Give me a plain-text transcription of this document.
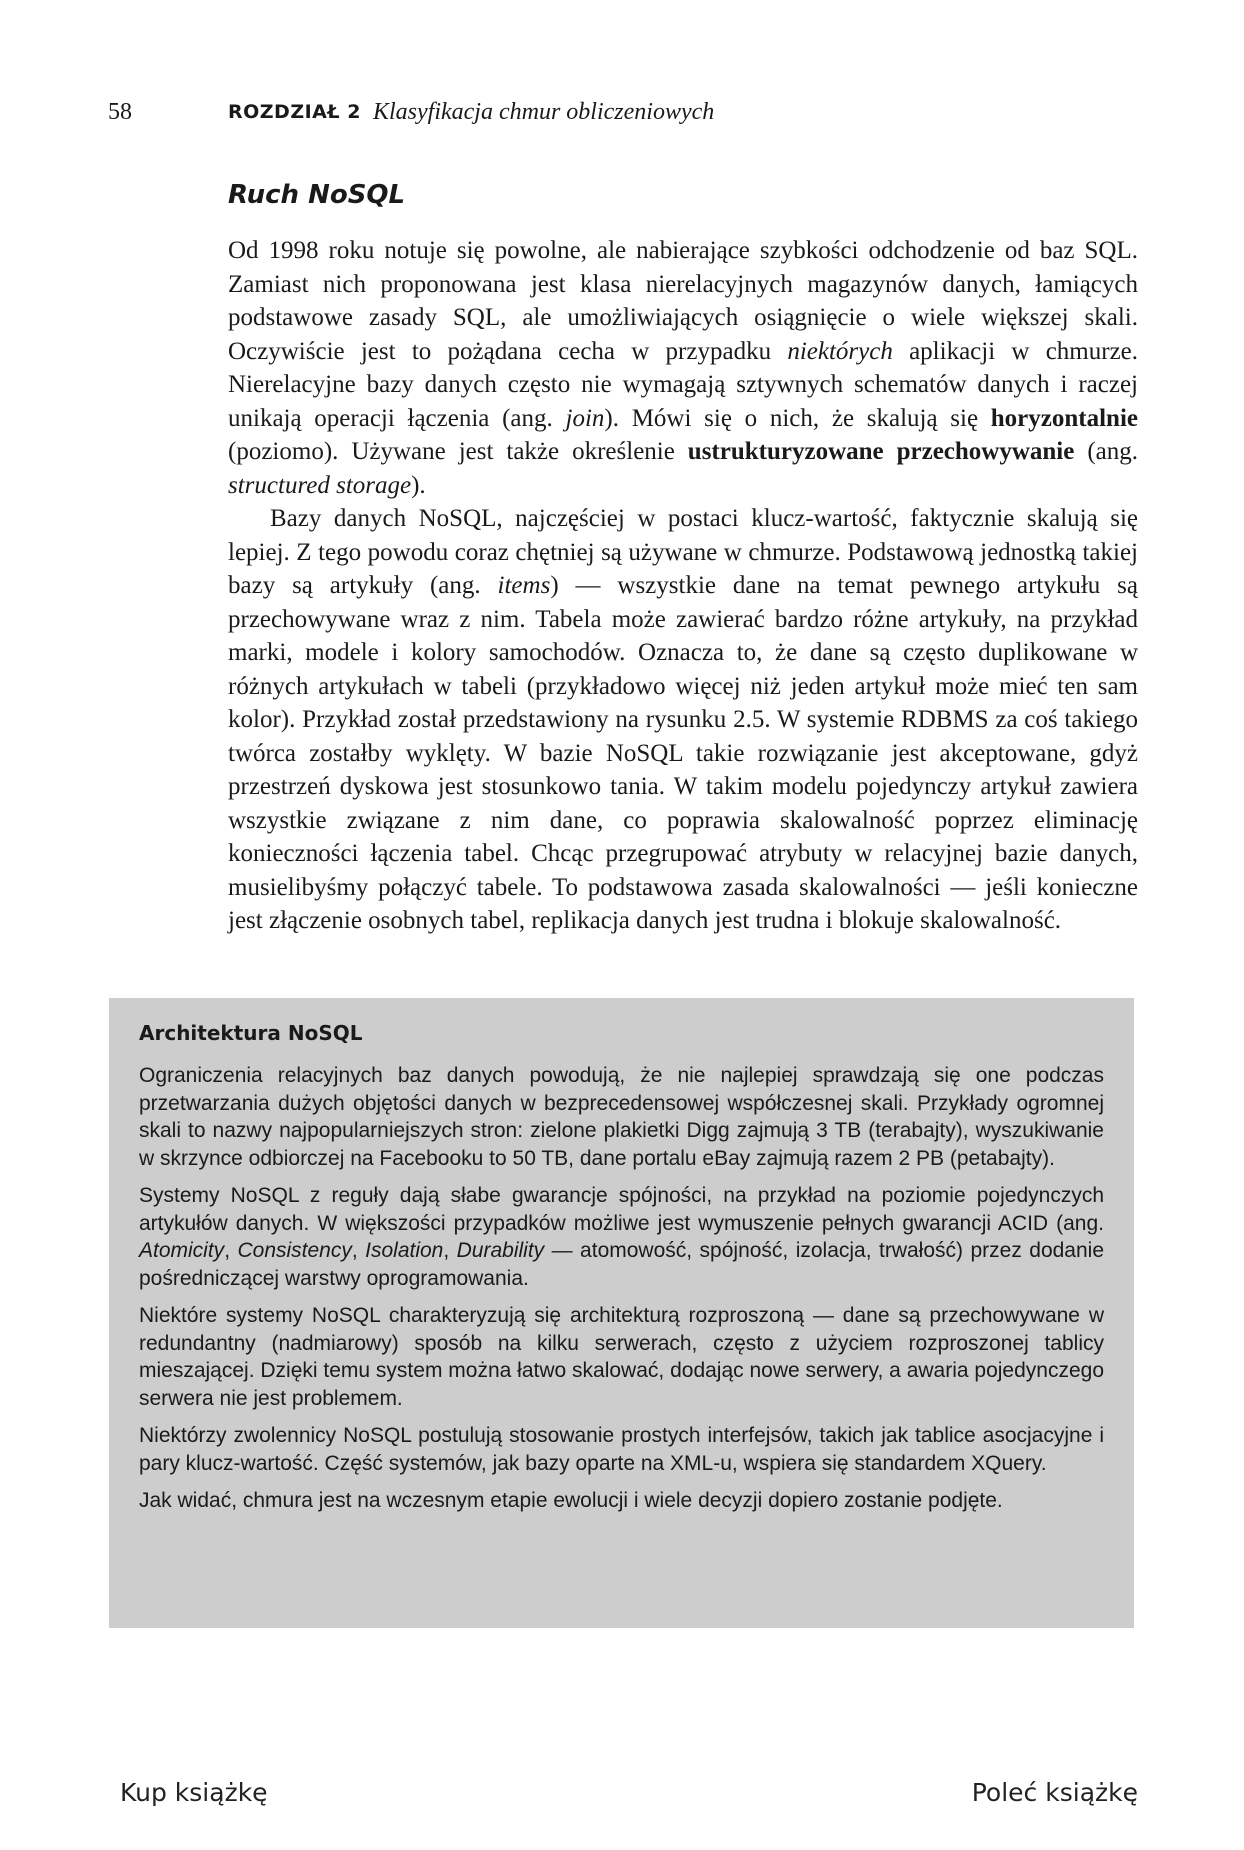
58	ROZDZIAŁ 2 Klasyfikacja chmur obliczeniowych
Ruch NoSQL

Od 1998 roku notuje się powolne, ale nabierające szybkości odchodzenie od baz SQL. Zamiast nich proponowana jest klasa nierelacyjnych magazynów danych, łamiących podstawowe zasady SQL, ale umożliwiających osiągnięcie o wiele większej skali. Oczywiście jest to pożądana cecha w przypadku niektórych aplikacji w chmurze. Nierelacyjne bazy danych często nie wymagają sztywnych schematów danych i raczej unikają operacji łączenia (ang. join). Mówi się o nich, że skalują się horyzontalnie (poziomo). Używane jest także określenie ustrukturyzowane przechowywanie (ang. structured storage).

Bazy danych NoSQL, najczęściej w postaci klucz-wartość, faktycznie skalują się lepiej. Z tego powodu coraz chętniej są używane w chmurze. Podstawową jednostką takiej bazy są artykuły (ang. items) — wszystkie dane na temat pewnego artykułu są przechowywane wraz z nim. Tabela może zawierać bardzo różne artykuły, na przykład marki, modele i kolory samochodów. Oznacza to, że dane są często duplikowane w różnych artykułach w tabeli (przykładowo więcej niż jeden artykuł może mieć ten sam kolor). Przykład został przedstawiony na rysunku 2.5. W systemie RDBMS za coś takiego twórca zostałby wyklęty. W bazie NoSQL takie rozwiązanie jest akceptowane, gdyż przestrzeń dyskowa jest stosunkowo tania. W takim modelu pojedynczy artykuł zawiera wszystkie związane z nim dane, co poprawia skalowalność poprzez eliminację konieczności łączenia tabel. Chcąc przegrupować atrybuty w relacyjnej bazie danych, musielibyśmy połączyć tabele. To podstawowa zasada skalowalności — jeśli konieczne jest złączenie osobnych tabel, replikacja danych jest trudna i blokuje skalowalność.

Architektura NoSQL

Ograniczenia relacyjnych baz danych powodują, że nie najlepiej sprawdzają się one podczas przetwarzania dużych objętości danych w bezprecedensowej współczesnej skali. Przykłady ogromnej skali to nazwy najpopularniejszych stron: zielone plakietki Digg zajmują 3 TB (terabajty), wyszukiwanie w skrzynce odbiorczej na Facebooku to 50 TB, dane portalu eBay zajmują razem 2 PB (petabajty).

Systemy NoSQL z reguły dają słabe gwarancje spójności, na przykład na poziomie pojedynczych artykułów danych. W większości przypadków możliwe jest wymuszenie pełnych gwarancji ACID (ang. Atomicity, Consistency, Isolation, Durability — atomowość, spójność, izolacja, trwałość) przez dodanie pośredniczącej warstwy oprogramowania.

Niektóre systemy NoSQL charakteryzują się architekturą rozproszoną — dane są przechowywane w redundantny (nadmiarowy) sposób na kilku serwerach, często z użyciem rozproszonej tablicy mieszającej. Dzięki temu system można łatwo skalować, dodając nowe serwery, a awaria pojedynczego serwera nie jest problemem.

Niektórzy zwolennicy NoSQL postulują stosowanie prostych interfejsów, takich jak tablice asocjacyjne i pary klucz-wartość. Część systemów, jak bazy oparte na XML-u, wspiera się standardem XQuery.

Jak widać, chmura jest na wczesnym etapie ewolucji i wiele decyzji dopiero zostanie podjęte.

Kup książkę	Poleć książkę
